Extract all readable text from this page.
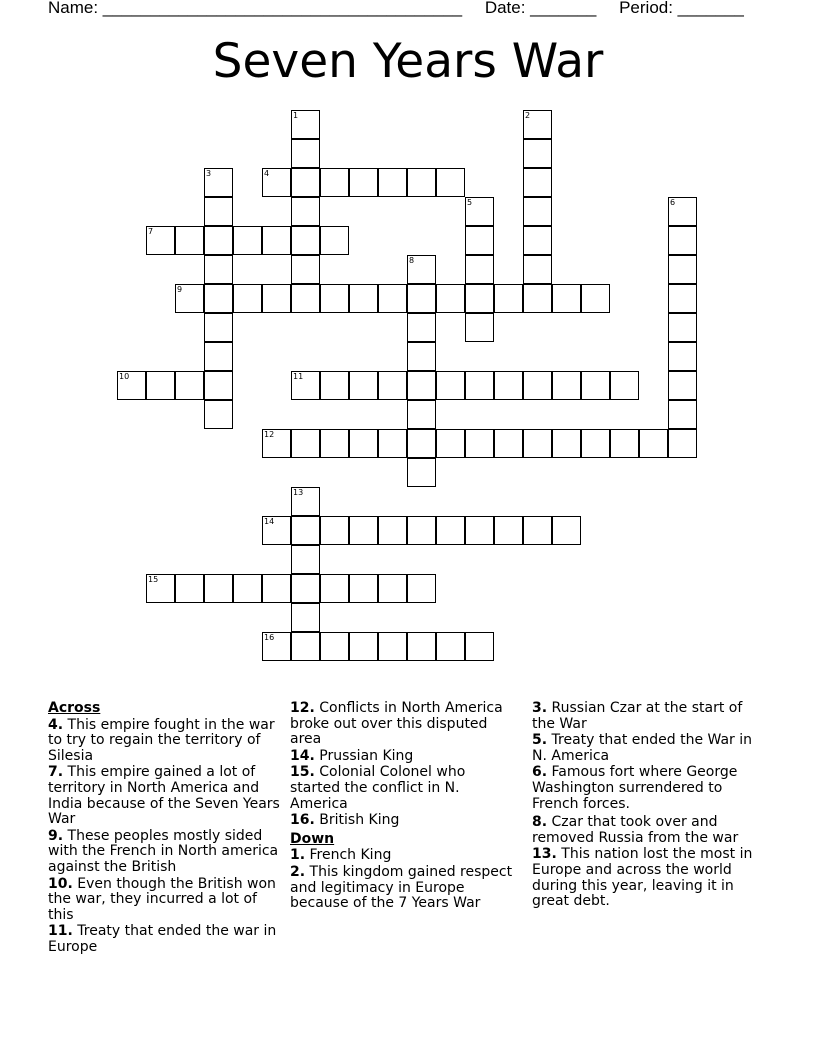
Name: ______________________________________ Date: _______ Period: _______
Seven Years War
1	2
3	4
5	6
7
8
9
10	11
12
13
14
15
16
Across

4. This empire fought in the war to try to regain the territory of Silesia

7. This empire gained a lot of territory in North America and India because of the Seven Years War

9. These peoples mostly sided with the French in North america against the British

10. Even though the British won the war, they incurred a lot of this

11. Treaty that ended the war in Europe

12. Conflicts in North America broke out over this disputed area

14. Prussian King

15. Colonial Colonel who started the conflict in N. America

16. British King

Down

1. French King

2. This kingdom gained respect and legitimacy in Europe because of the 7 Years War

3. Russian Czar at the start of the War

5. Treaty that ended the War in N. America

6. Famous fort where George Washington surrendered to French forces.

8. Czar that took over and removed Russia from the war

13. This nation lost the most in Europe and across the world during this year, leaving it in great debt.
